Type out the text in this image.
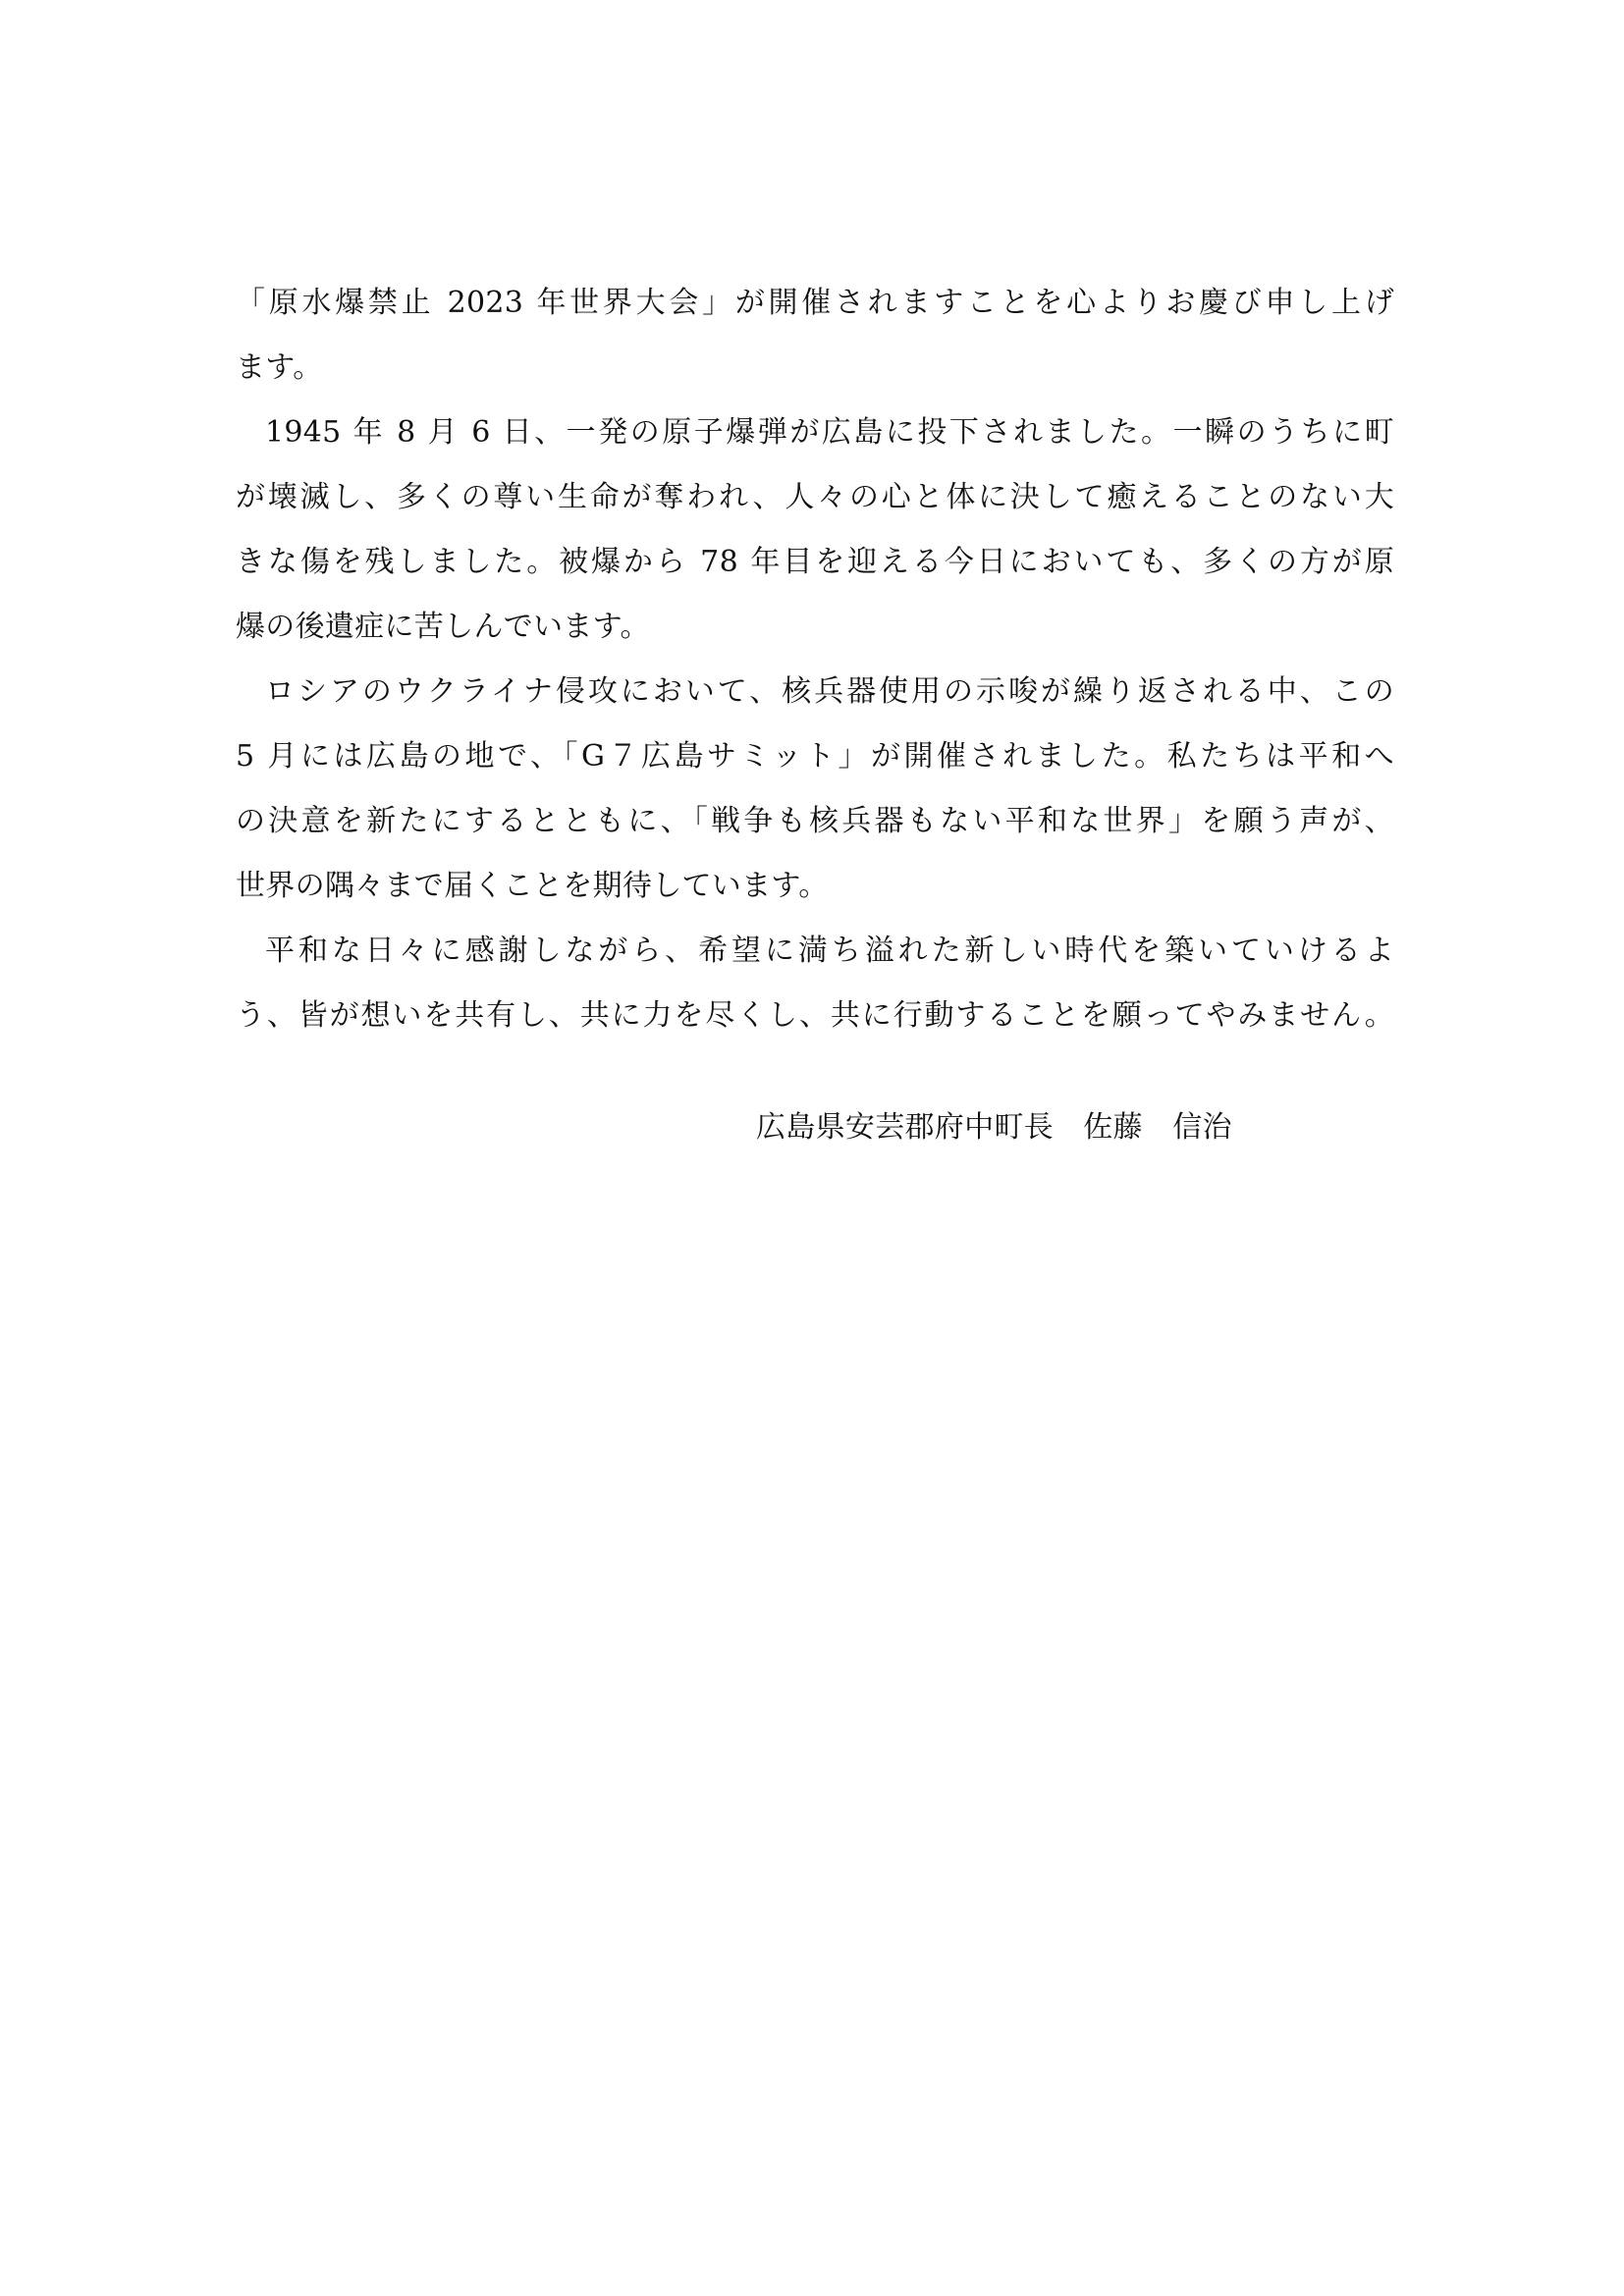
「原水爆禁止 2023 年世界大会」が開催されますことを心よりお慶び申し上げ
ます。
1945 年 8 月 6 日、一発の原子爆弾が広島に投下されました。一瞬のうちに町
が壊滅し、多くの尊い生命が奪われ、人々の心と体に決して癒えることのない大
きな傷を残しました。被爆から 78 年目を迎える今日においても、多くの方が原
爆の後遺症に苦しんでいます。
ロシアのウクライナ侵攻において、核兵器使用の示唆が繰り返される中、この
5 月には広島の地で、「G７広島サミット」が開催されました。私たちは平和へ
の決意を新たにするとともに、「戦争も核兵器もない平和な世界」を願う声が、
世界の隅々まで届くことを期待しています。
平和な日々に感謝しながら、希望に満ち溢れた新しい時代を築いていけるよ
う、皆が想いを共有し、共に力を尽くし、共に行動することを願ってやみません。
広島県安芸郡府中町長　佐藤　信治
